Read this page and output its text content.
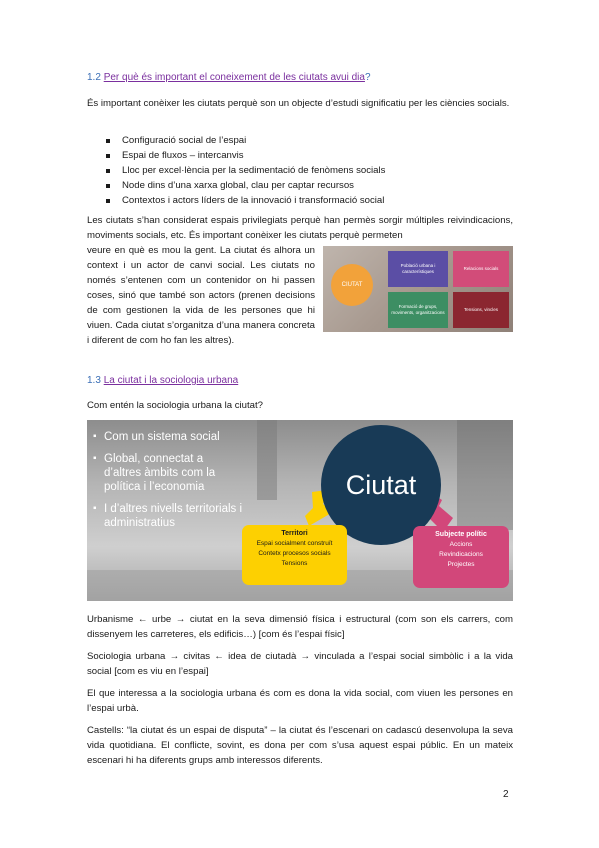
1.2 Per què és important el coneixement de les ciutats avui dia?

És important conèixer les ciutats perquè son un objecte d’estudi significatiu per les ciències socials.

Configuració social de l’espai
Espai de fluxos – intercanvis
Lloc per excel·lència per la sedimentació de fenòmens socials
Node dins d’una xarxa global, clau per captar recursos
Contextos i actors líders de la innovació i transformació social

Les ciutats s’han considerat espais privilegiats perquè han permès sorgir múltiples reivindicacions, moviments socials, etc. És important conèixer les ciutats perquè permeten

veure en què es mou la gent. La ciutat és alhora un context i un actor de canvi social. Les ciutats no només s’entenen com un contenidor on hi passen coses, sinó que també son actors (prenen decisions de com gestionen la vida de les persones que hi viuen. Cada ciutat s’organitza d’una manera concreta i diferent de com ho fan les altres).

CIUTAT
Població urbana i característiques
Relacions socials
Formació de grups, moviments, organitzacions
Tensions, vincles
1.3 La ciutat i la sociologia urbana

Com entén la sociologia urbana la ciutat?

▪ Com un sistema social
▪ Global, connectat a d’altres àmbits com la política i l’economia
▪ I d’altres nivells territorials i administratius
Ciutat
Territori
Espai socialment construït
Contetx procesos socials
Tensions
Subjecte polític
Accions
Revindicacions
Projectes

Urbanisme ← urbe → ciutat en la seva dimensió física i estructural (com son els carrers, com dissenyem les carreteres, els edificis…) [com és l’espai físic]

Sociologia urbana → civitas ← idea de ciutadà → vinculada a l’espai social simbòlic i a la vida social [com es viu en l’espai]

El que interessa a la sociologia urbana és com es dona la vida social, com viuen les persones en l’espai urbà.

Castells: “la ciutat és un espai de disputa” – la ciutat és l’escenari on cadascú desenvolupa la seva vida quotidiana. El conflicte, sovint, es dona per com s’usa aquest espai públic. En un mateix escenari hi ha diferents grups amb interessos diferents.

2
